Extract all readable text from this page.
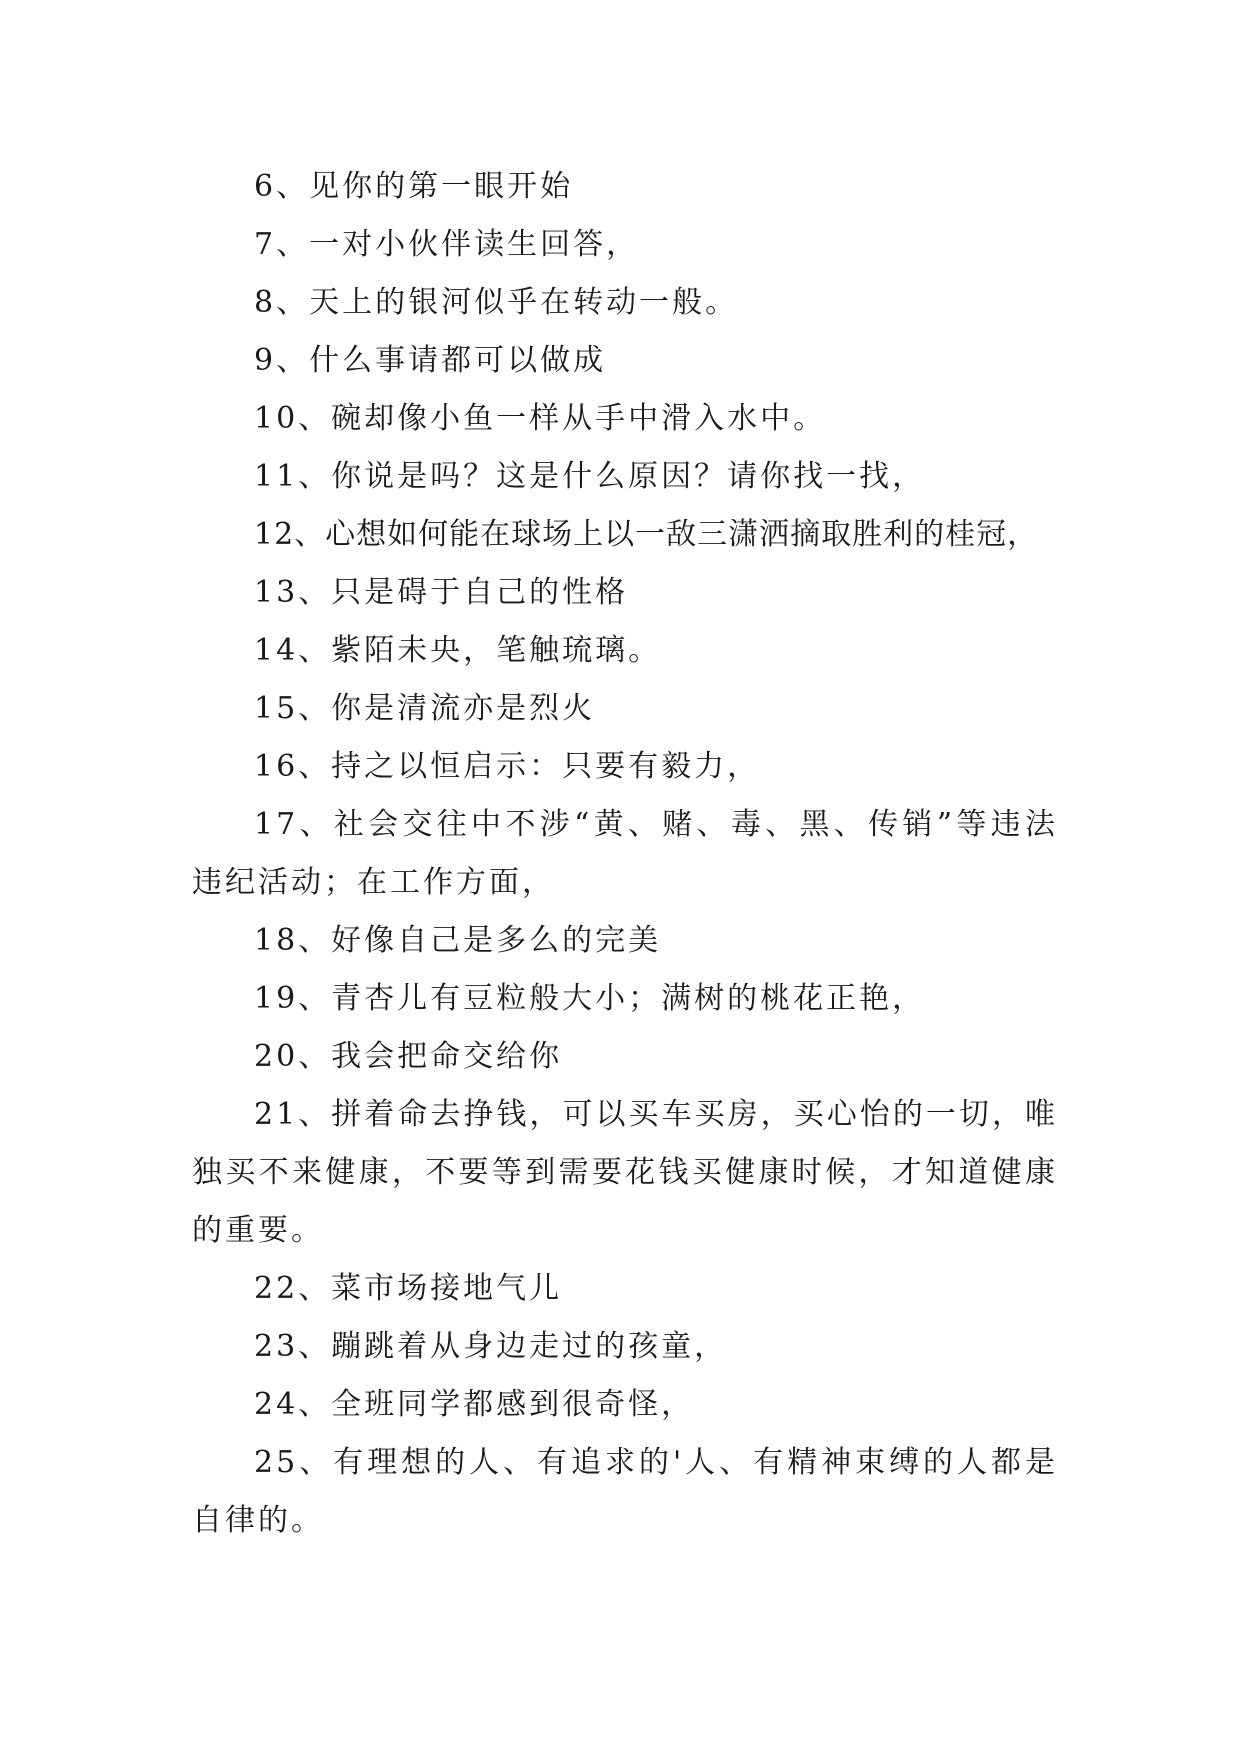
6、见你的第一眼开始

7、一对小伙伴读生回答，

8、天上的银河似乎在转动一般。

9、什么事请都可以做成

10、碗却像小鱼一样从手中滑入水中。

11、你说是吗？这是什么原因？请你找一找，

12、心想如何能在球场上以一敌三潇洒摘取胜利的桂冠，

13、只是碍于自己的性格

14、紫陌未央，笔触琉璃。

15、你是清流亦是烈火

16、持之以恒启示：只要有毅力，

17、社会交往中不涉“黄、赌、毒、黑、传销”等违法违纪活动；在工作方面，

18、好像自己是多么的完美

19、青杏儿有豆粒般大小；满树的桃花正艳，

20、我会把命交给你

21、拼着命去挣钱，可以买车买房，买心怡的一切，唯独买不来健康，不要等到需要花钱买健康时候，才知道健康的重要。

22、菜市场接地气儿

23、蹦跳着从身边走过的孩童，

24、全班同学都感到很奇怪，

25、有理想的人、有追求的'人、有精神束缚的人都是自律的。
